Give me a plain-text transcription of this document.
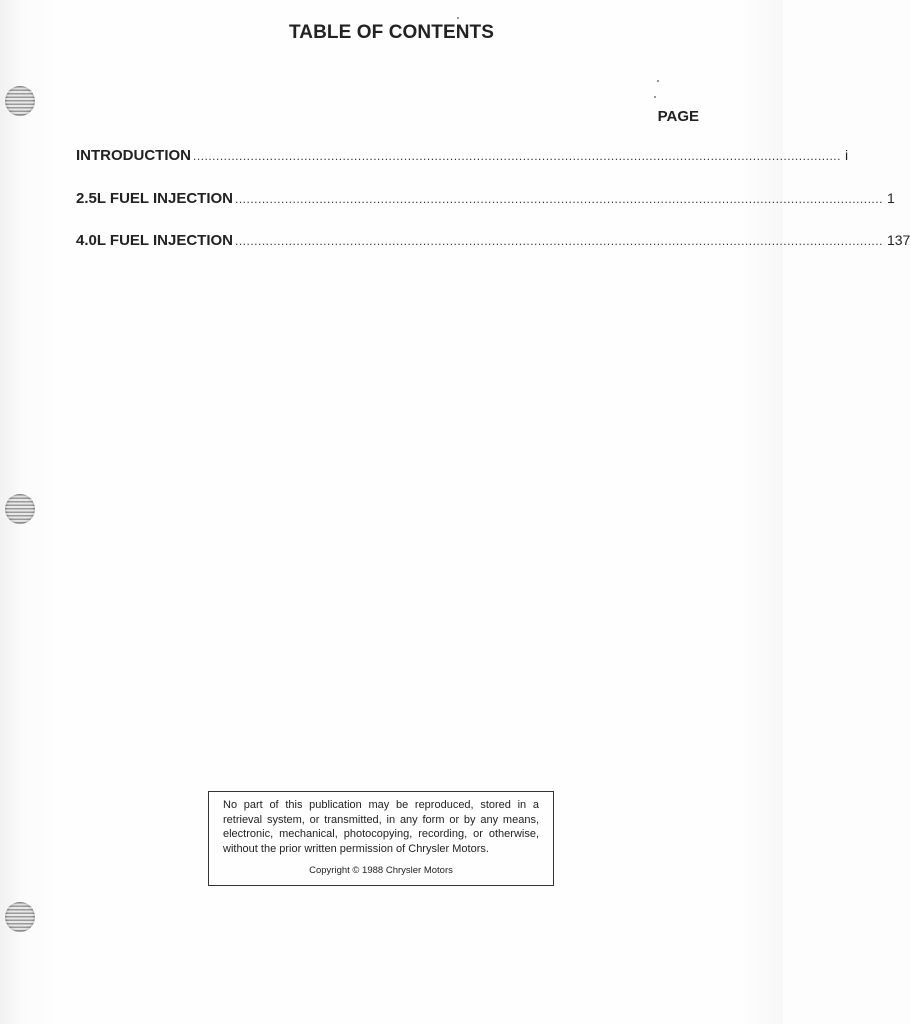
TABLE OF CONTENTS
PAGE
INTRODUCTION ......................................................................................................................................................................... i
2.5L FUEL INJECTION ......................................................................................................................................................................... 1
4.0L FUEL INJECTION ......................................................................................................................................................................... 137
No part of this publication may be reproduced, stored in a retrieval system, or transmitted, in any form or by any means, electronic, mechanical, photocopying, recording, or otherwise, without the prior written permission of Chrysler Motors.
Copyright © 1988 Chrysler Motors
